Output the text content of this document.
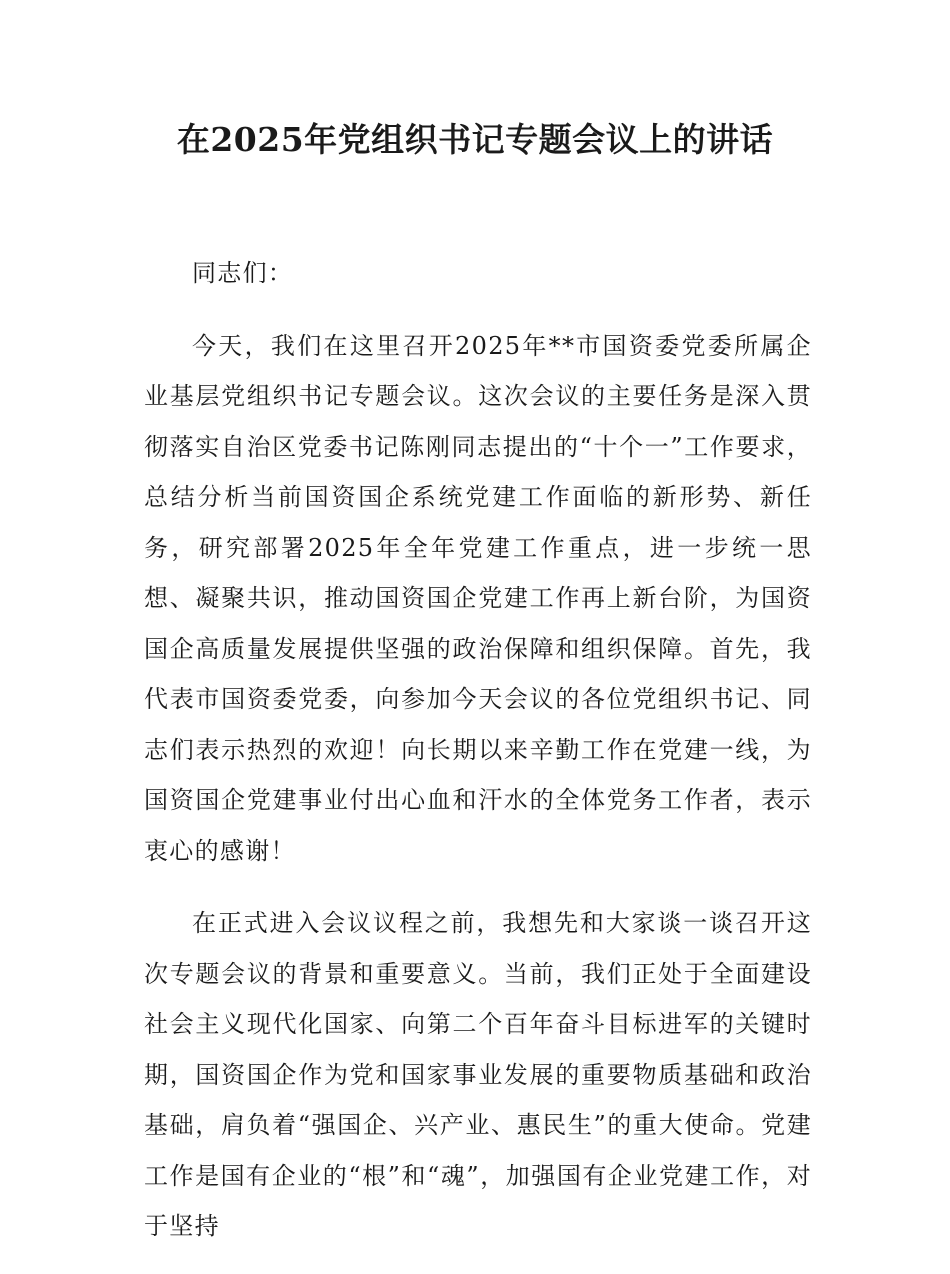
在2025年党组织书记专题会议上的讲话

同志们：

今天，我们在这里召开2025年**市国资委党委所属企业基层党组织书记专题会议。这次会议的主要任务是深入贯彻落实自治区党委书记陈刚同志提出的“十个一”工作要求，总结分析当前国资国企系统党建工作面临的新形势、新任务，研究部署2025年全年党建工作重点，进一步统一思想、凝聚共识，推动国资国企党建工作再上新台阶，为国资国企高质量发展提供坚强的政治保障和组织保障。首先，我代表市国资委党委，向参加今天会议的各位党组织书记、同志们表示热烈的欢迎！向长期以来辛勤工作在党建一线，为国资国企党建事业付出心血和汗水的全体党务工作者，表示衷心的感谢！

在正式进入会议议程之前，我想先和大家谈一谈召开这次专题会议的背景和重要意义。当前，我们正处于全面建设社会主义现代化国家、向第二个百年奋斗目标进军的关键时期，国资国企作为党和国家事业发展的重要物质基础和政治基础，肩负着“强国企、兴产业、惠民生”的重大使命。党建工作是国有企业的“根”和“魂”，加强国有企业党建工作，对于坚持
